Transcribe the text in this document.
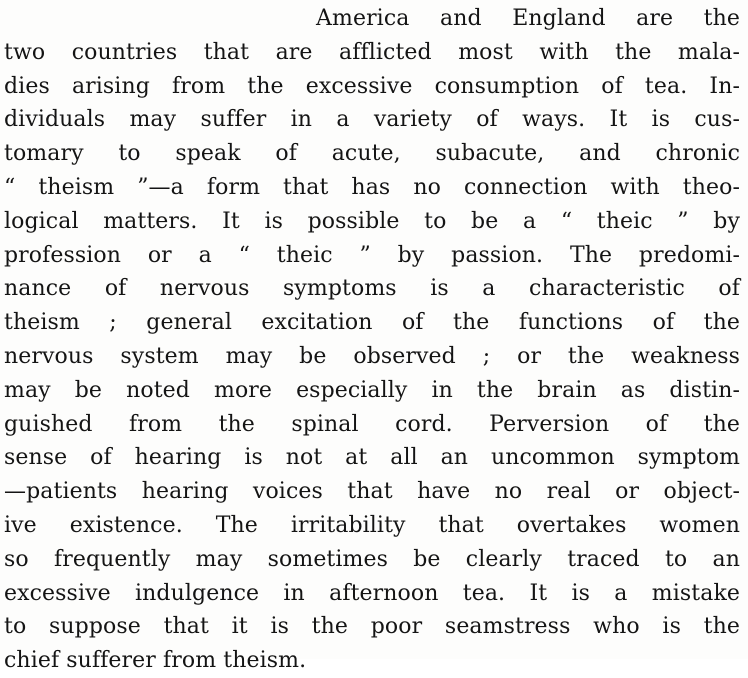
America and England are the
two countries that are afflicted most with the mala-
dies arising from the excessive consumption of tea. In-
dividuals may suffer in a variety of ways. It is cus-
tomary to speak of acute, subacute, and chronic
“ theism ”—a form that has no connection with theo-
logical matters. It is possible to be a “ theic ” by
profession or a “ theic ” by passion. The predomi-
nance of nervous symptoms is a characteristic of
theism ; general excitation of the functions of the
nervous system may be observed ; or the weakness
may be noted more especially in the brain as distin-
guished from the spinal cord. Perversion of the
sense of hearing is not at all an uncommon symptom
—patients hearing voices that have no real or object-
ive existence. The irritability that overtakes women
so frequently may sometimes be clearly traced to an
excessive indulgence in afternoon tea. It is a mistake
to suppose that it is the poor seamstress who is the
chief sufferer from theism.
